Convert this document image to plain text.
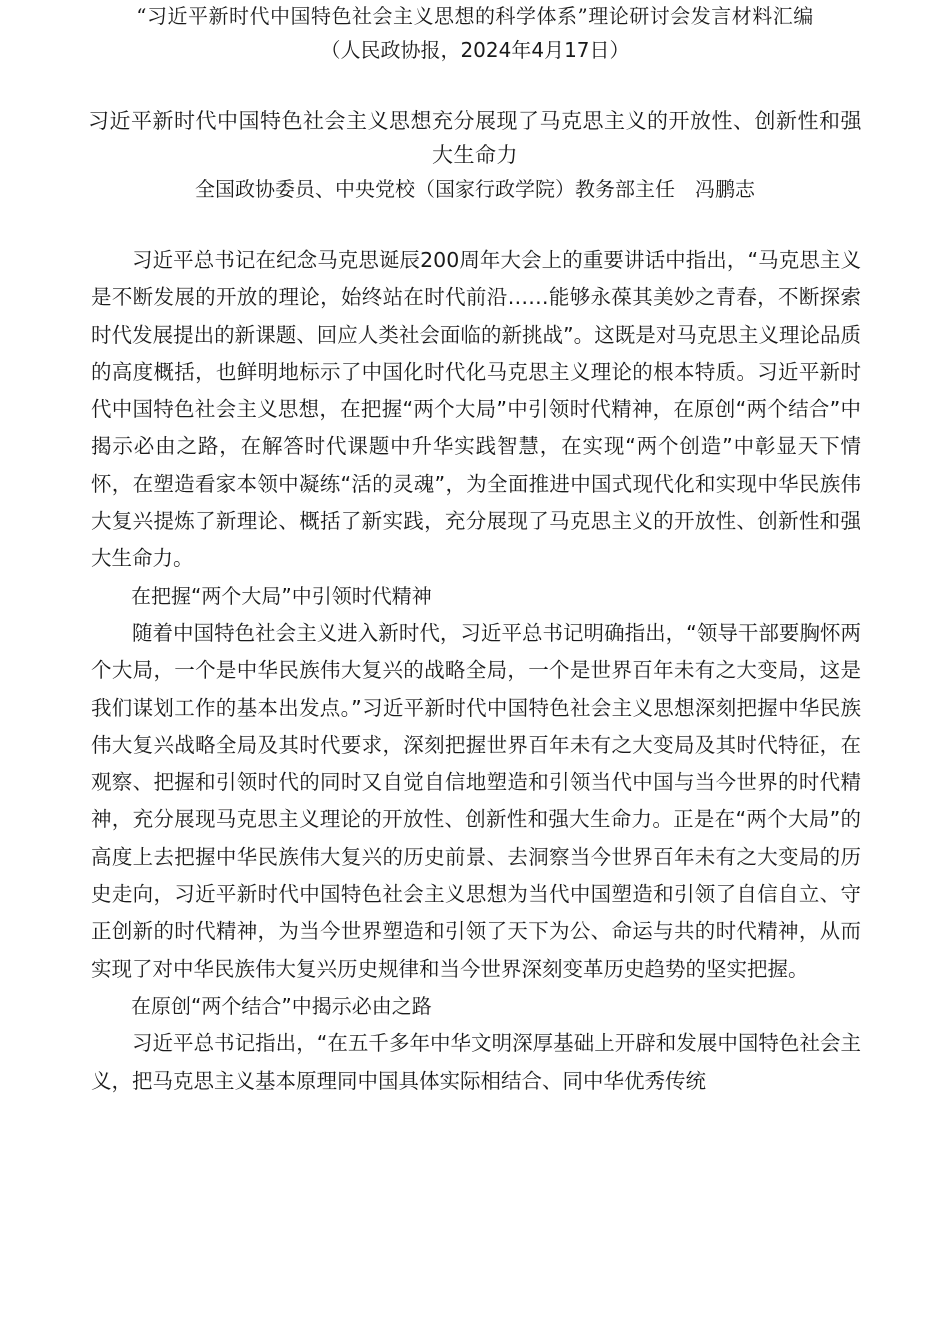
“习近平新时代中国特色社会主义思想的科学体系”理论研讨会发言材料汇编

（人民政协报，2024年4月17日）

习近平新时代中国特色社会主义思想充分展现了马克思主义的开放性、创新性和强大生命力

全国政协委员、中央党校（国家行政学院）教务部主任　冯鹏志

习近平总书记在纪念马克思诞辰200周年大会上的重要讲话中指出，“马克思主义是不断发展的开放的理论，始终站在时代前沿……能够永葆其美妙之青春，不断探索时代发展提出的新课题、回应人类社会面临的新挑战”。这既是对马克思主义理论品质的高度概括，也鲜明地标示了中国化时代化马克思主义理论的根本特质。习近平新时代中国特色社会主义思想，在把握“两个大局”中引领时代精神，在原创“两个结合”中揭示必由之路，在解答时代课题中升华实践智慧，在实现“两个创造”中彰显天下情怀，在塑造看家本领中凝练“活的灵魂”，为全面推进中国式现代化和实现中华民族伟大复兴提炼了新理论、概括了新实践，充分展现了马克思主义的开放性、创新性和强大生命力。

在把握“两个大局”中引领时代精神

随着中国特色社会主义进入新时代，习近平总书记明确指出，“领导干部要胸怀两个大局，一个是中华民族伟大复兴的战略全局，一个是世界百年未有之大变局，这是我们谋划工作的基本出发点。”习近平新时代中国特色社会主义思想深刻把握中华民族伟大复兴战略全局及其时代要求，深刻把握世界百年未有之大变局及其时代特征，在观察、把握和引领时代的同时又自觉自信地塑造和引领当代中国与当今世界的时代精神，充分展现马克思主义理论的开放性、创新性和强大生命力。正是在“两个大局”的高度上去把握中华民族伟大复兴的历史前景、去洞察当今世界百年未有之大变局的历史走向，习近平新时代中国特色社会主义思想为当代中国塑造和引领了自信自立、守正创新的时代精神，为当今世界塑造和引领了天下为公、命运与共的时代精神，从而实现了对中华民族伟大复兴历史规律和当今世界深刻变革历史趋势的坚实把握。

在原创“两个结合”中揭示必由之路

习近平总书记指出，“在五千多年中华文明深厚基础上开辟和发展中国特色社会主义，把马克思主义基本原理同中国具体实际相结合、同中华优秀传统
